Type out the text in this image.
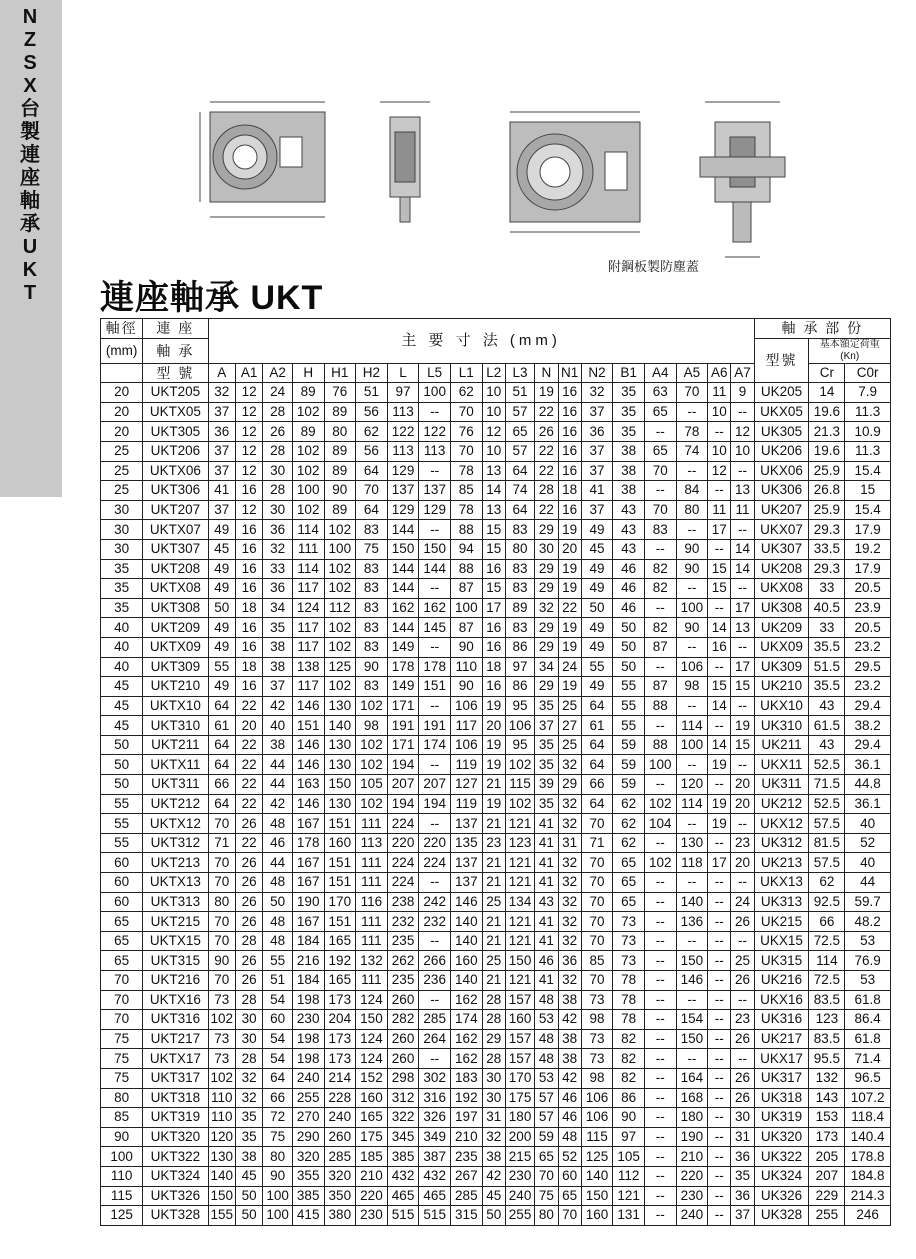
N
Z
S
X
台
製
連
座
軸
承
U
K
T
附鋼板製防塵蓋
連座軸承 UKT
軸徑	連 座	主 要 寸 法 (mm)																			軸 承 部 份		
(mm)	軸 承																				型號	基本額定荷重
(Kn)	

	型 號	A	A1	A2	H	H1	H2	L	L5	L1	L2	L3	N	N1	N2	B1	A4	A5	A6	A7		Cr	C0r
20	UKT205	32	12	24	89	76	51	97	100	62	10	51	19	16	32	35	63	70	11	9	UK205	14	7.9
20	UKTX05	37	12	28	102	89	56	113	--	70	10	57	22	16	37	35	65	--	10	--	UKX05	19.6	11.3
20	UKT305	36	12	26	89	80	62	122	122	76	12	65	26	16	36	35	--	78	--	12	UK305	21.3	10.9
25	UKT206	37	12	28	102	89	56	113	113	70	10	57	22	16	37	38	65	74	10	10	UK206	19.6	11.3
25	UKTX06	37	12	30	102	89	64	129	--	78	13	64	22	16	37	38	70	--	12	--	UKX06	25.9	15.4
25	UKT306	41	16	28	100	90	70	137	137	85	14	74	28	18	41	38	--	84	--	13	UK306	26.8	15
30	UKT207	37	12	30	102	89	64	129	129	78	13	64	22	16	37	43	70	80	11	11	UK207	25.9	15.4
30	UKTX07	49	16	36	114	102	83	144	--	88	15	83	29	19	49	43	83	--	17	--	UKX07	29.3	17.9
30	UKT307	45	16	32	111	100	75	150	150	94	15	80	30	20	45	43	--	90	--	14	UK307	33.5	19.2
35	UKT208	49	16	33	114	102	83	144	144	88	16	83	29	19	49	46	82	90	15	14	UK208	29.3	17.9
35	UKTX08	49	16	36	117	102	83	144	--	87	15	83	29	19	49	46	82	--	15	--	UKX08	33	20.5
35	UKT308	50	18	34	124	112	83	162	162	100	17	89	32	22	50	46	--	100	--	17	UK308	40.5	23.9
40	UKT209	49	16	35	117	102	83	144	145	87	16	83	29	19	49	50	82	90	14	13	UK209	33	20.5
40	UKTX09	49	16	38	117	102	83	149	--	90	16	86	29	19	49	50	87	--	16	--	UKX09	35.5	23.2
40	UKT309	55	18	38	138	125	90	178	178	110	18	97	34	24	55	50	--	106	--	17	UK309	51.5	29.5
45	UKT210	49	16	37	117	102	83	149	151	90	16	86	29	19	49	55	87	98	15	15	UK210	35.5	23.2
45	UKTX10	64	22	42	146	130	102	171	--	106	19	95	35	25	64	55	88	--	14	--	UKX10	43	29.4
45	UKT310	61	20	40	151	140	98	191	191	117	20	106	37	27	61	55	--	114	--	19	UK310	61.5	38.2
50	UKT211	64	22	38	146	130	102	171	174	106	19	95	35	25	64	59	88	100	14	15	UK211	43	29.4
50	UKTX11	64	22	44	146	130	102	194	--	119	19	102	35	32	64	59	100	--	19	--	UKX11	52.5	36.1
50	UKT311	66	22	44	163	150	105	207	207	127	21	115	39	29	66	59	--	120	--	20	UK311	71.5	44.8
55	UKT212	64	22	42	146	130	102	194	194	119	19	102	35	32	64	62	102	114	19	20	UK212	52.5	36.1
55	UKTX12	70	26	48	167	151	111	224	--	137	21	121	41	32	70	62	104	--	19	--	UKX12	57.5	40
55	UKT312	71	22	46	178	160	113	220	220	135	23	123	41	31	71	62	--	130	--	23	UK312	81.5	52
60	UKT213	70	26	44	167	151	111	224	224	137	21	121	41	32	70	65	102	118	17	20	UK213	57.5	40
60	UKTX13	70	26	48	167	151	111	224	--	137	21	121	41	32	70	65	--	--	--	--	UKX13	62	44
60	UKT313	80	26	50	190	170	116	238	242	146	25	134	43	32	70	65	--	140	--	24	UK313	92.5	59.7
65	UKT215	70	26	48	167	151	111	232	232	140	21	121	41	32	70	73	--	136	--	26	UK215	66	48.2
65	UKTX15	70	28	48	184	165	111	235	--	140	21	121	41	32	70	73	--	--	--	--	UKX15	72.5	53
65	UKT315	90	26	55	216	192	132	262	266	160	25	150	46	36	85	73	--	150	--	25	UK315	114	76.9
70	UKT216	70	26	51	184	165	111	235	236	140	21	121	41	32	70	78	--	146	--	26	UK216	72.5	53
70	UKTX16	73	28	54	198	173	124	260	--	162	28	157	48	38	73	78	--	--	--	--	UKX16	83.5	61.8
70	UKT316	102	30	60	230	204	150	282	285	174	28	160	53	42	98	78	--	154	--	23	UK316	123	86.4
75	UKT217	73	30	54	198	173	124	260	264	162	29	157	48	38	73	82	--	150	--	26	UK217	83.5	61.8
75	UKTX17	73	28	54	198	173	124	260	--	162	28	157	48	38	73	82	--	--	--	--	UKX17	95.5	71.4
75	UKT317	102	32	64	240	214	152	298	302	183	30	170	53	42	98	82	--	164	--	26	UK317	132	96.5
80	UKT318	110	32	66	255	228	160	312	316	192	30	175	57	46	106	86	--	168	--	26	UK318	143	107.2
85	UKT319	110	35	72	270	240	165	322	326	197	31	180	57	46	106	90	--	180	--	30	UK319	153	118.4
90	UKT320	120	35	75	290	260	175	345	349	210	32	200	59	48	115	97	--	190	--	31	UK320	173	140.4
100	UKT322	130	38	80	320	285	185	385	387	235	38	215	65	52	125	105	--	210	--	36	UK322	205	178.8
110	UKT324	140	45	90	355	320	210	432	432	267	42	230	70	60	140	112	--	220	--	35	UK324	207	184.8
115	UKT326	150	50	100	385	350	220	465	465	285	45	240	75	65	150	121	--	230	--	36	UK326	229	214.3
125	UKT328	155	50	100	415	380	230	515	515	315	50	255	80	70	160	131	--	240	--	37	UK328	255	246
